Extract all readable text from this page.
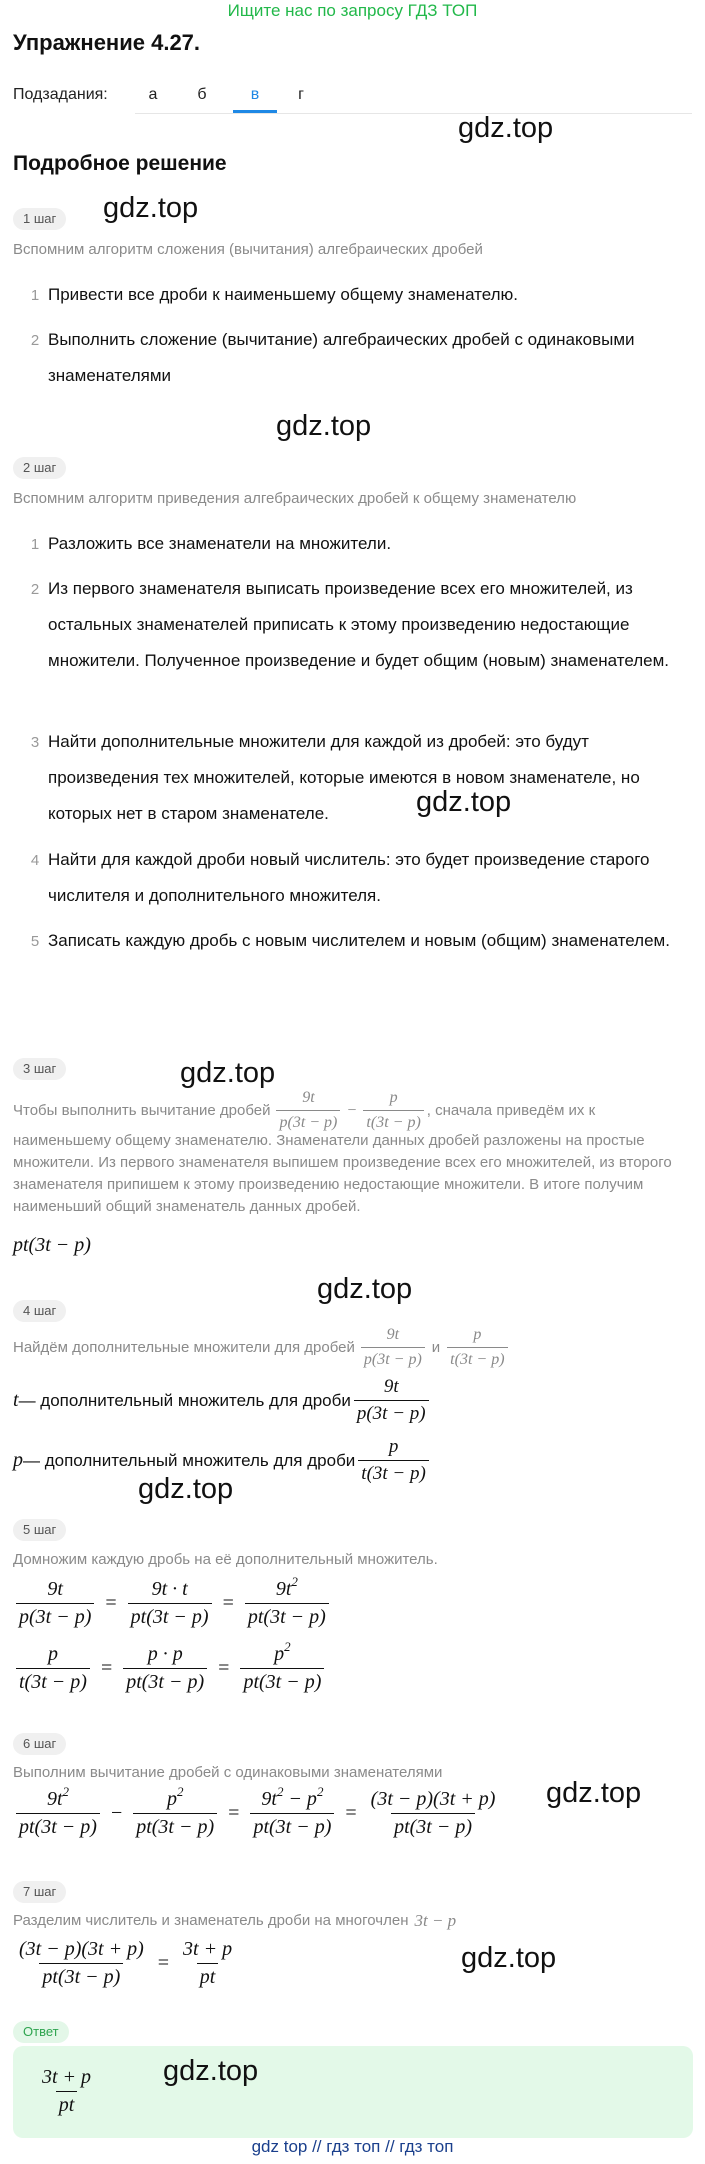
Ищите нас по запросу ГДЗ ТОП
Упражнение 4.27.
Подзадания:	а	б	в	г
gdz.top
Подробное решение
1 шаг	gdz.top
Вспомним алгоритм сложения (вычитания) алгебраических дробей
1 Привести все дроби к наименьшему общему знаменателю.
2 Выполнить сложение (вычитание) алгебраических дробей с одинаковыми знаменателями
gdz.top
2 шаг
Вспомним алгоритм приведения алгебраических дробей к общему знаменателю
1 Разложить все знаменатели на множители.
2 Из первого знаменателя выписать произведение всех его множителей, из остальных знаменателей приписать к этому произведению недостающие множители. Полученное произведение и будет общим (новым) знаменателем.
3 Найти дополнительные множители для каждой из дробей: это будут произведения тех множителей, которые имеются в новом знаменателе, но которых нет в старом знаменателе.	gdz.top
4 Найти для каждой дроби новый числитель: это будет произведение старого числителя и дополнительного множителя.
5 Записать каждую дробь с новым числителем и новым (общим) знаменателем.
3 шаг	gdz.top
Чтобы выполнить вычитание дробей $\frac{9t}{p(3t - p)} - \frac{p}{t(3t - p)}$ , сначала приведём их к
наименьшему общему знаменателю. Знаменатели данных дробей разложены на простые множители. Из первого знаменателя выпишем произведение всех его множителей, из второго знаменателя припишем к этому произведению недостающие множители. В итоге получим наименьший общий знаменатель данных дробей.
pt(3t − p)
gdz.top
4 шаг
Найдём дополнительные множители для дробей $\frac{9t}{p(3t - p)}$ и $\frac{p}{t(3t - p)}$
t — дополнительный множитель для дроби $\frac{9t}{p(3t - p)}$
p — дополнительный множитель для дроби $\frac{p}{t(3t - p)}$
gdz.top
5 шаг
Домножим каждую дробь на её дополнительный множитель.
$\frac{9t}{p(3t - p)} = \frac{9t \cdot t}{pt(3t - p)} = \frac{9t^2}{pt(3t - p)}$
$\frac{p}{t(3t - p)} = \frac{p \cdot p}{pt(3t - p)} = \frac{p^2}{pt(3t - p)}$
6 шаг
Выполним вычитание дробей с одинаковыми знаменателями
$\frac{9t^2}{pt(3t - p)} - \frac{p^2}{pt(3t - p)} = \frac{9t^2 - p^2}{pt(3t - p)} = \frac{(3t - p)(3t + p)}{pt(3t - p)} gdz.top$
7 шаг
Разделим числитель и знаменатель дроби на многочлен 3t − p
$\frac{(3t - p)(3t + p)}{pt(3t - p)} = \frac{3t + p}{pt}$	gdz.top
Ответ
$\frac{3t + p}{pt} gdz.top$
gdz top // гдз топ // гдз топ
